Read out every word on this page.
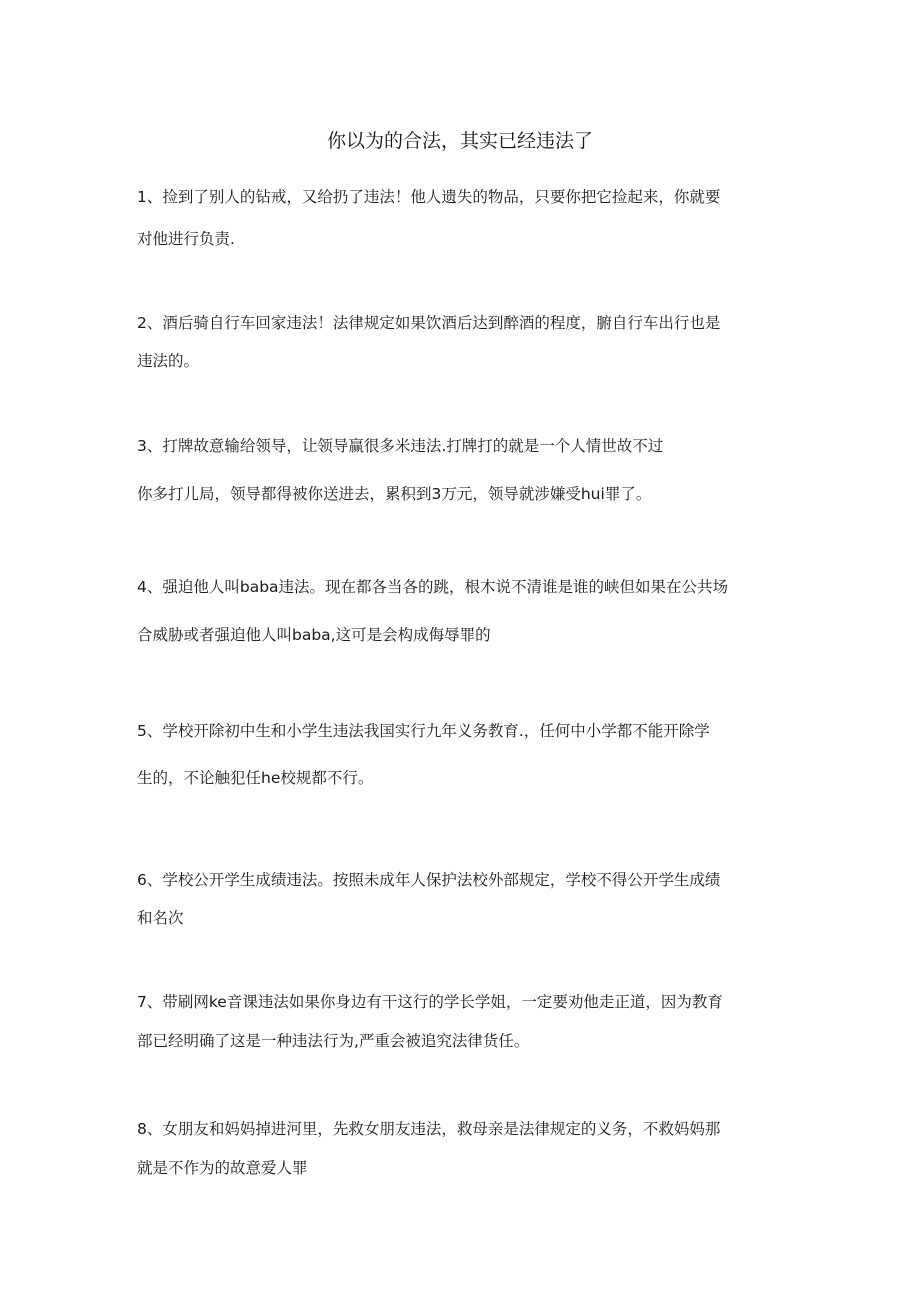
你以为的合法，其实已经违法了
1、捡到了别人的钻戒，又给扔了违法！他人遗失的物品，只要你把它捡起来，你就要
对他进行负责.
2、酒后骑自行车回家违法！法律规定如果饮酒后达到醉酒的程度，腑自行车出行也是
违法的。
3、打牌故意输给领导，让领导赢很多米违法.打牌打的就是一个人情世故不过
你多打儿局，领导都得被你送进去，累积到3万元，领导就涉嫌受hui罪了。
4、强迫他人叫baba违法。现在都各当各的跳，根木说不清谁是谁的峡但如果在公共场
合威胁或者强迫他人叫baba,这可是会构成侮辱罪的
5、学校开除初中生和小学生违法我国实行九年义务教育.，任何中小学都不能开除学
生的，不论触犯任he校规都不行。
6、学校公开学生成绩违法。按照未成年人保护法校外部规定，学校不得公开学生成绩
和名次
7、带刷网ke音课违法如果你身边有干这行的学长学姐，一定要劝他走正道，因为教育
部已经明确了这是一种违法行为,严重会被追究法律货任。
8、女朋友和妈妈掉进河里，先救女朋友违法，救母亲是法律规定的义务，不救妈妈那
就是不作为的故意爱人罪
